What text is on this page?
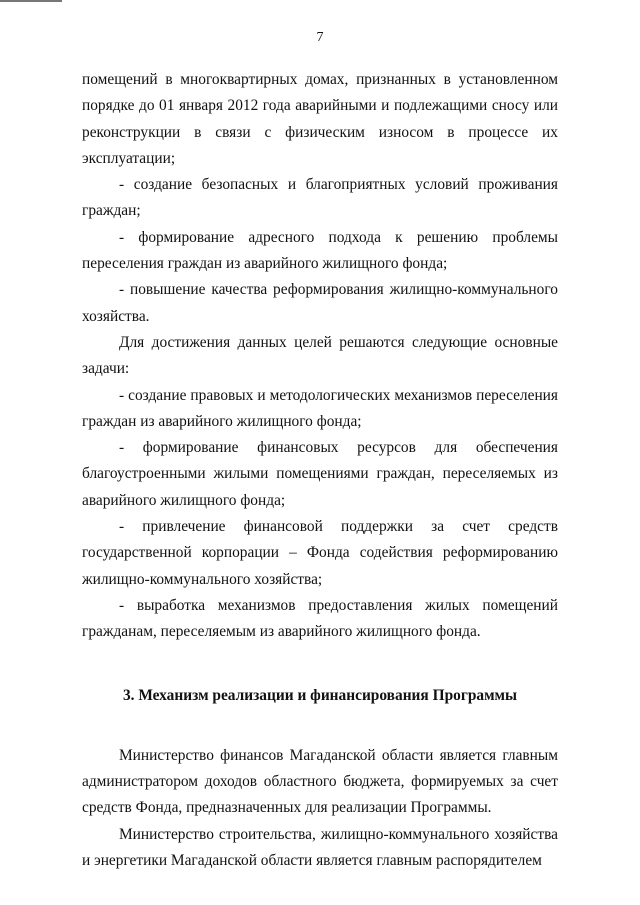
7

помещений в многоквартирных домах, признанных в установленном порядке до 01 января 2012 года аварийными и подлежащими сносу или реконструкции в связи с физическим износом в процессе их эксплуатации;

- создание безопасных и благоприятных условий проживания граждан;

- формирование адресного подхода к решению проблемы переселения граждан из аварийного жилищного фонда;

- повышение качества реформирования жилищно-коммунального хозяйства.

Для достижения данных целей решаются следующие основные задачи:

- создание правовых и методологических механизмов переселения граждан из аварийного жилищного фонда;

- формирование финансовых ресурсов для обеспечения благоустроенными жилыми помещениями граждан, переселяемых из аварийного жилищного фонда;

- привлечение финансовой поддержки за счет средств государственной корпорации – Фонда содействия реформированию жилищно-коммунального хозяйства;

- выработка механизмов предоставления жилых помещений гражданам, переселяемым из аварийного жилищного фонда.

3. Механизм реализации и финансирования Программы

Министерство финансов Магаданской области является главным администратором доходов областного бюджета, формируемых за счет средств Фонда, предназначенных для реализации Программы.

Министерство строительства, жилищно-коммунального хозяйства и энергетики Магаданской области является главным распорядителем
